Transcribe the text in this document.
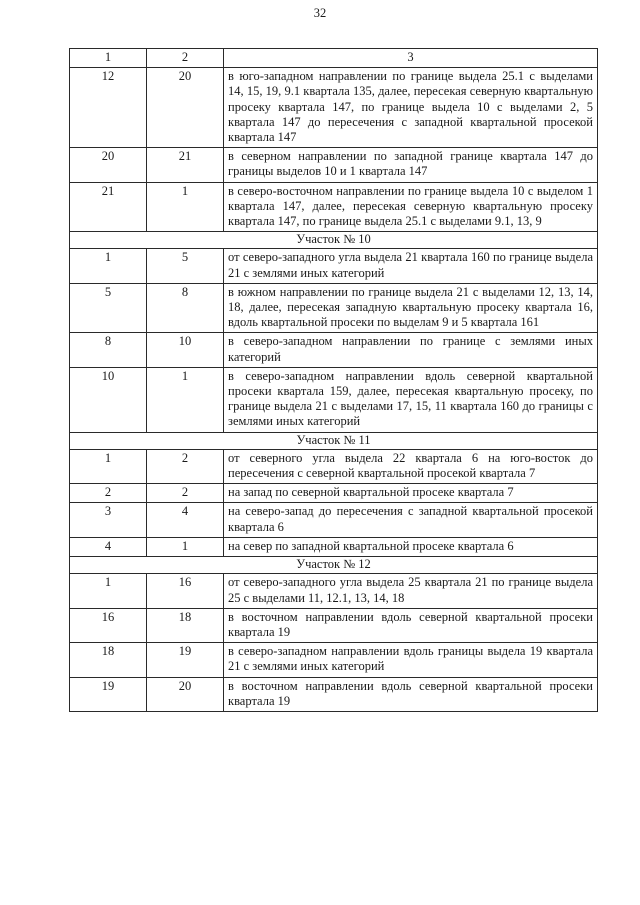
32
1	2	3
12	20	в юго-западном направлении по границе выдела 25.1 с выделами 14, 15, 19, 9.1 квартала 135, далее, пересекая северную квартальную просеку квартала 147, по границе выдела 10 с выделами 2, 5 квартала 147 до пересечения с западной квартальной просекой квартала 147
20	21	в северном направлении по западной границе квартала 147 до границы выделов 10 и 1 квартала 147
21	1	в северо-восточном направлении по границе выдела 10 с выделом 1 квартала 147, далее, пересекая северную квартальную просеку квартала 147, по границе выдела 25.1 с выделами 9.1, 13, 9
Участок № 10		
1	5	от северо-западного угла выдела 21 квартала 160 по границе выдела 21 с землями иных категорий
5	8	в южном направлении по границе выдела 21 с выделами 12, 13, 14, 18, далее, пересекая западную квартальную просеку квартала 16, вдоль квартальной просеки по выделам 9 и 5 квартала 161
8	10	в северо-западном направлении по границе с землями иных категорий
10	1	в северо-западном направлении вдоль северной квартальной просеки квартала 159, далее, пересекая квартальную просеку, по границе выдела 21 с выделами 17, 15, 11 квартала 160 до границы с землями иных категорий
Участок № 11		
1	2	от северного угла выдела 22 квартала 6 на юго-восток до пересечения с северной квартальной просекой квартала 7
2	2	на запад по северной квартальной просеке квартала 7
3	4	на северо-запад до пересечения с западной квартальной просекой квартала 6
4	1	на север по западной квартальной просеке квартала 6
Участок № 12		
1	16	от северо-западного угла выдела 25 квартала 21 по границе выдела 25 с выделами 11, 12.1, 13, 14, 18
16	18	в восточном направлении вдоль северной квартальной просеки квартала 19
18	19	в северо-западном направлении вдоль границы выдела 19 квартала 21 с землями иных категорий
19	20	в восточном направлении вдоль северной квартальной просеки квартала 19
